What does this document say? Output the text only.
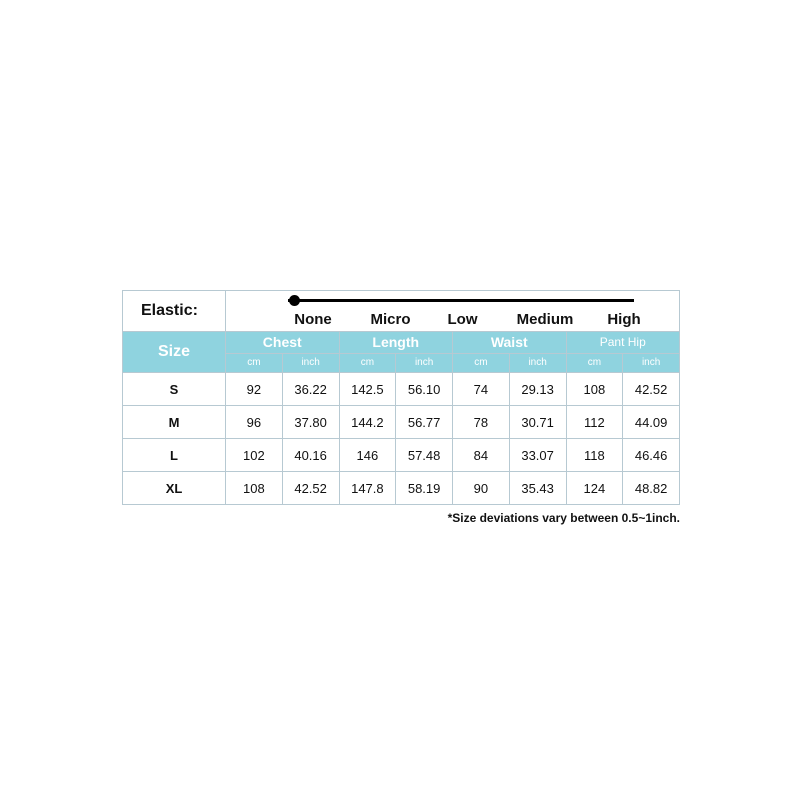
Elastic:	None Micro Low Medium High							

Size	Chest		Length		Waist		Pant Hip	
	cm	inch	cm	inch	cm	inch	cm	inch
S	92	36.22	142.5	56.10	74	29.13	108	42.52
M	96	37.80	144.2	56.77	78	30.71	112	44.09
L	102	40.16	146	57.48	84	33.07	118	46.46
XL	108	42.52	147.8	58.19	90	35.43	124	48.82
*Size deviations vary between 0.5~1inch.
